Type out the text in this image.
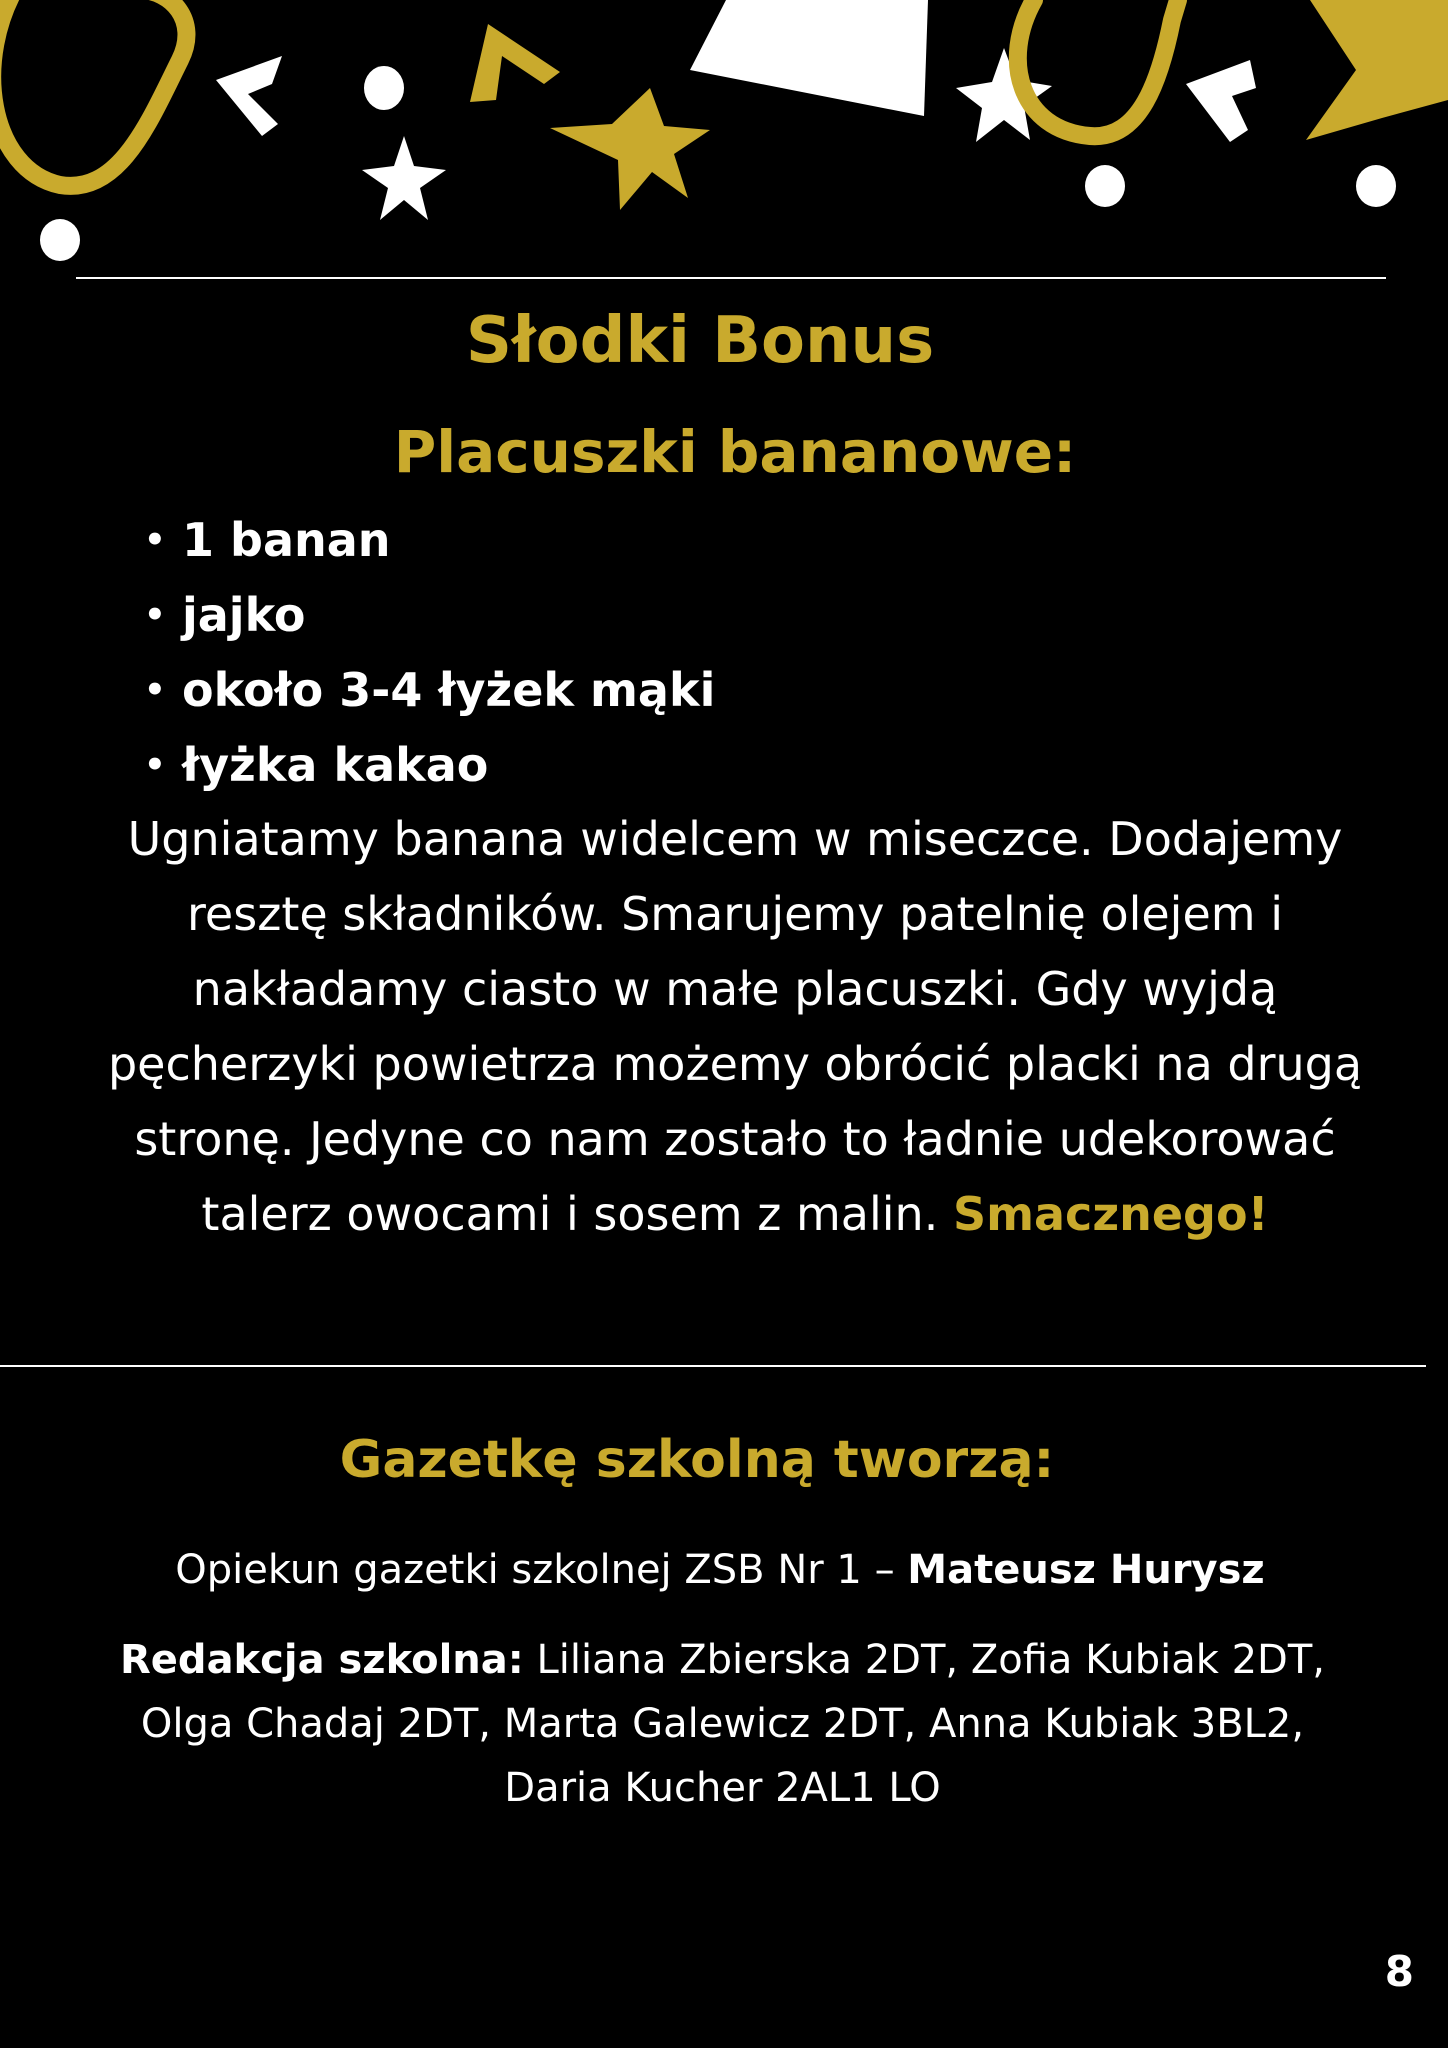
Słodki Bonus
Placuszki bananowe:
• 1 banan
• jajko
• około 3-4 łyżek mąki
• łyżka kakao

Ugniatamy banana widelcem w miseczce. Dodajemy resztę składników. Smarujemy patelnię olejem i nakładamy ciasto w małe placuszki. Gdy wyjdą pęcherzyki powietrza możemy obrócić placki na drugą stronę. Jedyne co nam zostało to ładnie udekorować talerz owocami i sosem z malin. Smacznego!

Gazetkę szkolną tworzą:

Opiekun gazetki szkolnej ZSB Nr 1 – Mateusz Hurysz

Redakcja szkolna: Liliana Zbierska 2DT, Zofia Kubiak 2DT, Olga Chadaj 2DT, Marta Galewicz 2DT, Anna Kubiak 3BL2, Daria Kucher 2AL1 LO

8
